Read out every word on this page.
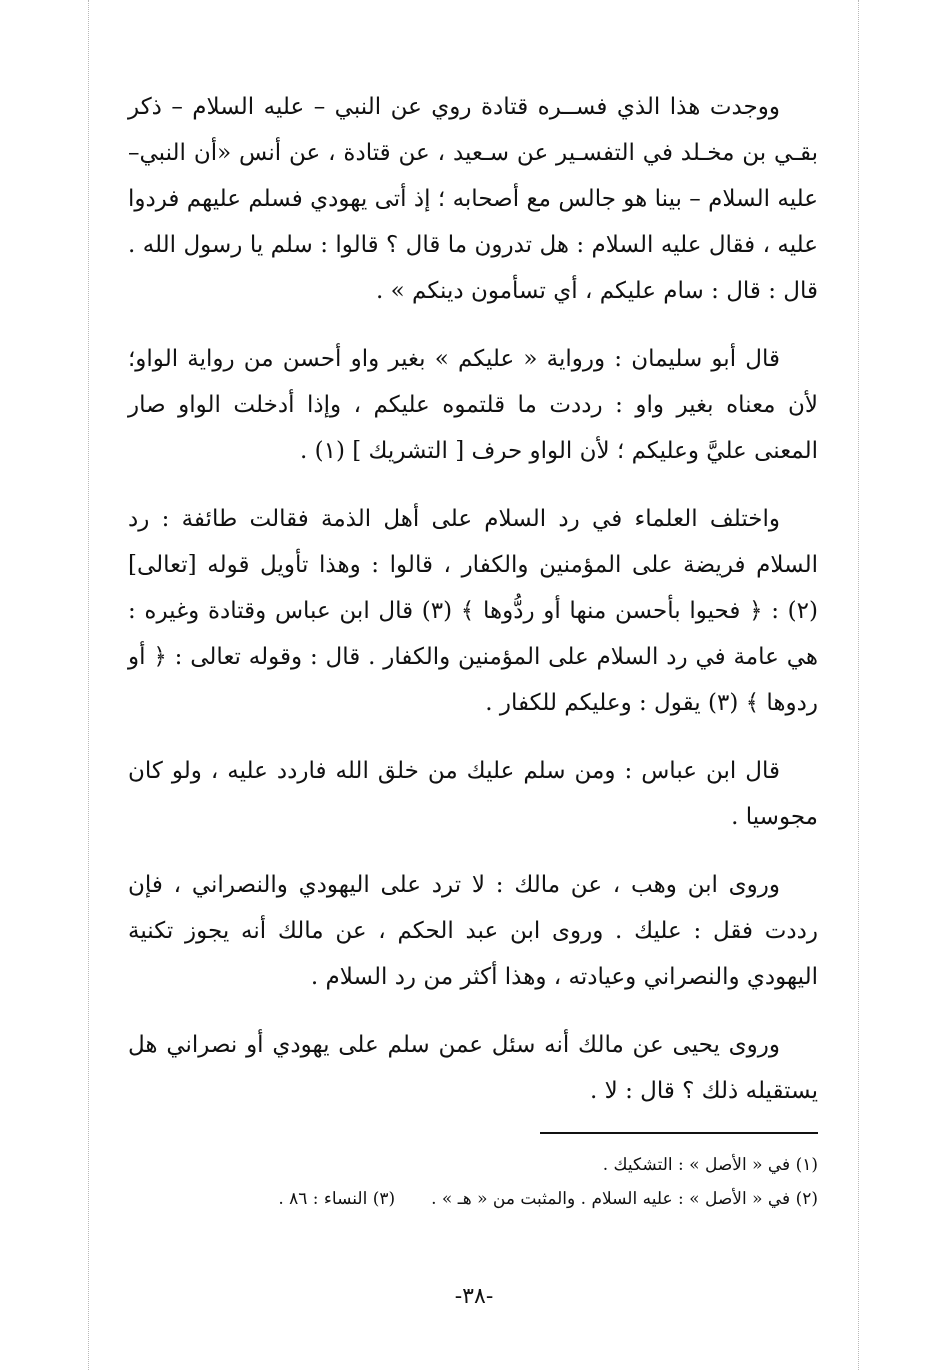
ووجدت هذا الذي فســره قتادة روي عن النبي – عليه السلام – ذكر بقـي بن مخـلد في التفسـير عن سـعيد ، عن قتادة ، عن أنس «أن النبي– عليه السلام – بينا هو جالس مع أصحابه ؛ إذ أتى يهودي فسلم عليهم فردوا عليه ، فقال عليه السلام : هل تدرون ما قال ؟ قالوا : سلم يا رسول الله . قال : قال : سام عليكم ، أي تسأمون دينكم » .

قال أبو سليمان : ورواية « عليكم » بغير واو أحسن من رواية الواو؛ لأن معناه بغير واو : رددت ما قلتموه عليكم ، وإذا أدخلت الواو صار المعنى عليَّ وعليكم ؛ لأن الواو حرف [ التشريك ] (١) .

واختلف العلماء في رد السلام على أهل الذمة فقالت طائفة : رد السلام فريضة على المؤمنين والكفار ، قالوا : وهذا تأويل قوله [تعالى] (٢) : ﴿ فحيوا بأحسن منها أو ردُّوها ﴾ (٣) قال ابن عباس وقتادة وغيره : هي عامة في رد السلام على المؤمنين والكفار . قال : وقوله تعالى : ﴿ أو ردوها ﴾ (٣) يقول : وعليكم للكفار .

قال ابن عباس : ومن سلم عليك من خلق الله فاردد عليه ، ولو كان مجوسيا .

وروى ابن وهب ، عن مالك : لا ترد على اليهودي والنصراني ، فإن رددت فقل : عليك . وروى ابن عبد الحكم ، عن مالك أنه يجوز تكنية اليهودي والنصراني وعيادته ، وهذا أكثر من رد السلام .

وروى يحيى عن مالك أنه سئل عمن سلم على يهودي أو نصراني هل يستقيله ذلك ؟ قال : لا .

(١) في « الأصل » : التشكيك .

(٢) في « الأصل » : عليه السلام . والمثبت من « هـ » .(٣) النساء : ٨٦ .

-٣٨-
